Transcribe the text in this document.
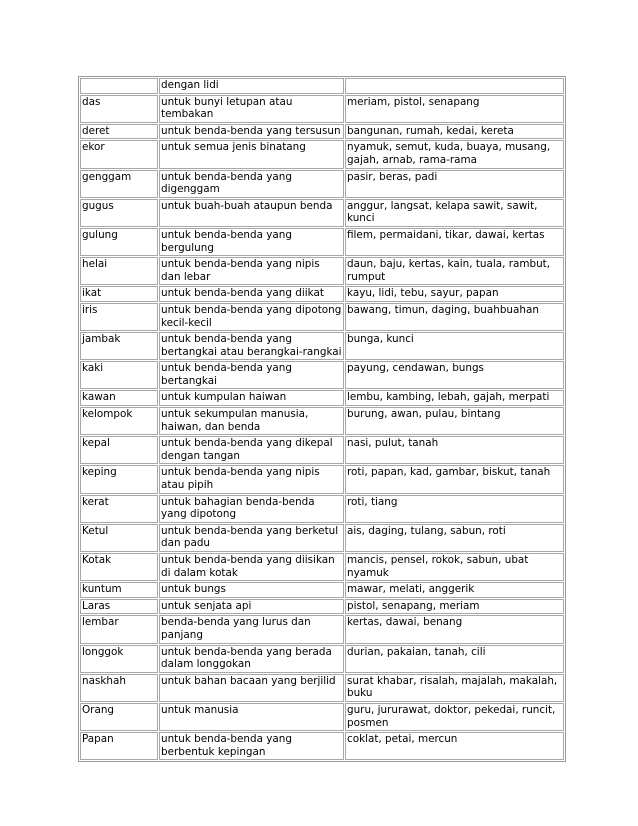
	dengan lidi	
das	untuk bunyi letupan atau tembakan	meriam, pistol, senapang
deret	untuk benda-benda yang tersusun	bangunan, rumah, kedai, kereta
ekor	untuk semua jenis binatang	nyamuk, semut, kuda, buaya, musang, gajah, arnab, rama-rama
genggam	untuk benda-benda yang digenggam	pasir, beras, padi
gugus	untuk buah-buah ataupun benda	anggur, langsat, kelapa sawit, sawit, kunci
gulung	untuk benda-benda yang bergulung	filem, permaidani, tikar, dawai, kertas
helai	untuk benda-benda yang nipis dan lebar	daun, baju, kertas, kain, tuala, rambut, rumput
ikat	untuk benda-benda yang diikat	kayu, lidi, tebu, sayur, papan
iris	untuk benda-benda yang dipotong kecil-kecil	bawang, timun, daging, buahbuahan
jambak	untuk benda-benda yang bertangkai atau berangkai-rangkai	bunga, kunci
kaki	untuk benda-benda yang bertangkai	payung, cendawan, bungs
kawan	untuk kumpulan haiwan	lembu, kambing, lebah, gajah, merpati
kelompok	untuk sekumpulan manusia, haiwan, dan benda	burung, awan, pulau, bintang
kepal	untuk benda-benda yang dikepal dengan tangan	nasi, pulut, tanah
keping	untuk benda-benda yang nipis atau pipih	roti, papan, kad, gambar, biskut, tanah
kerat	untuk bahagian benda-benda yang dipotong	roti, tiang
Ketul	untuk benda-benda yang berketul dan padu	ais, daging, tulang, sabun, roti
Kotak	untuk benda-benda yang diisikan di dalam kotak	mancis, pensel, rokok, sabun, ubat nyamuk
kuntum	untuk bungs	mawar, melati, anggerik
Laras	untuk senjata api	pistol, senapang, meriam
lembar	benda-benda yang lurus dan panjang	kertas, dawai, benang
longgok	untuk benda-benda yang berada dalam longgokan	durian, pakaian, tanah, cili
naskhah	untuk bahan bacaan yang berjilid	surat khabar, risalah, majalah, makalah, buku
Orang	untuk manusia	guru, jururawat, doktor, pekedai, runcit, posmen
Papan	untuk benda-benda yang berbentuk kepingan	coklat, petai, mercun
